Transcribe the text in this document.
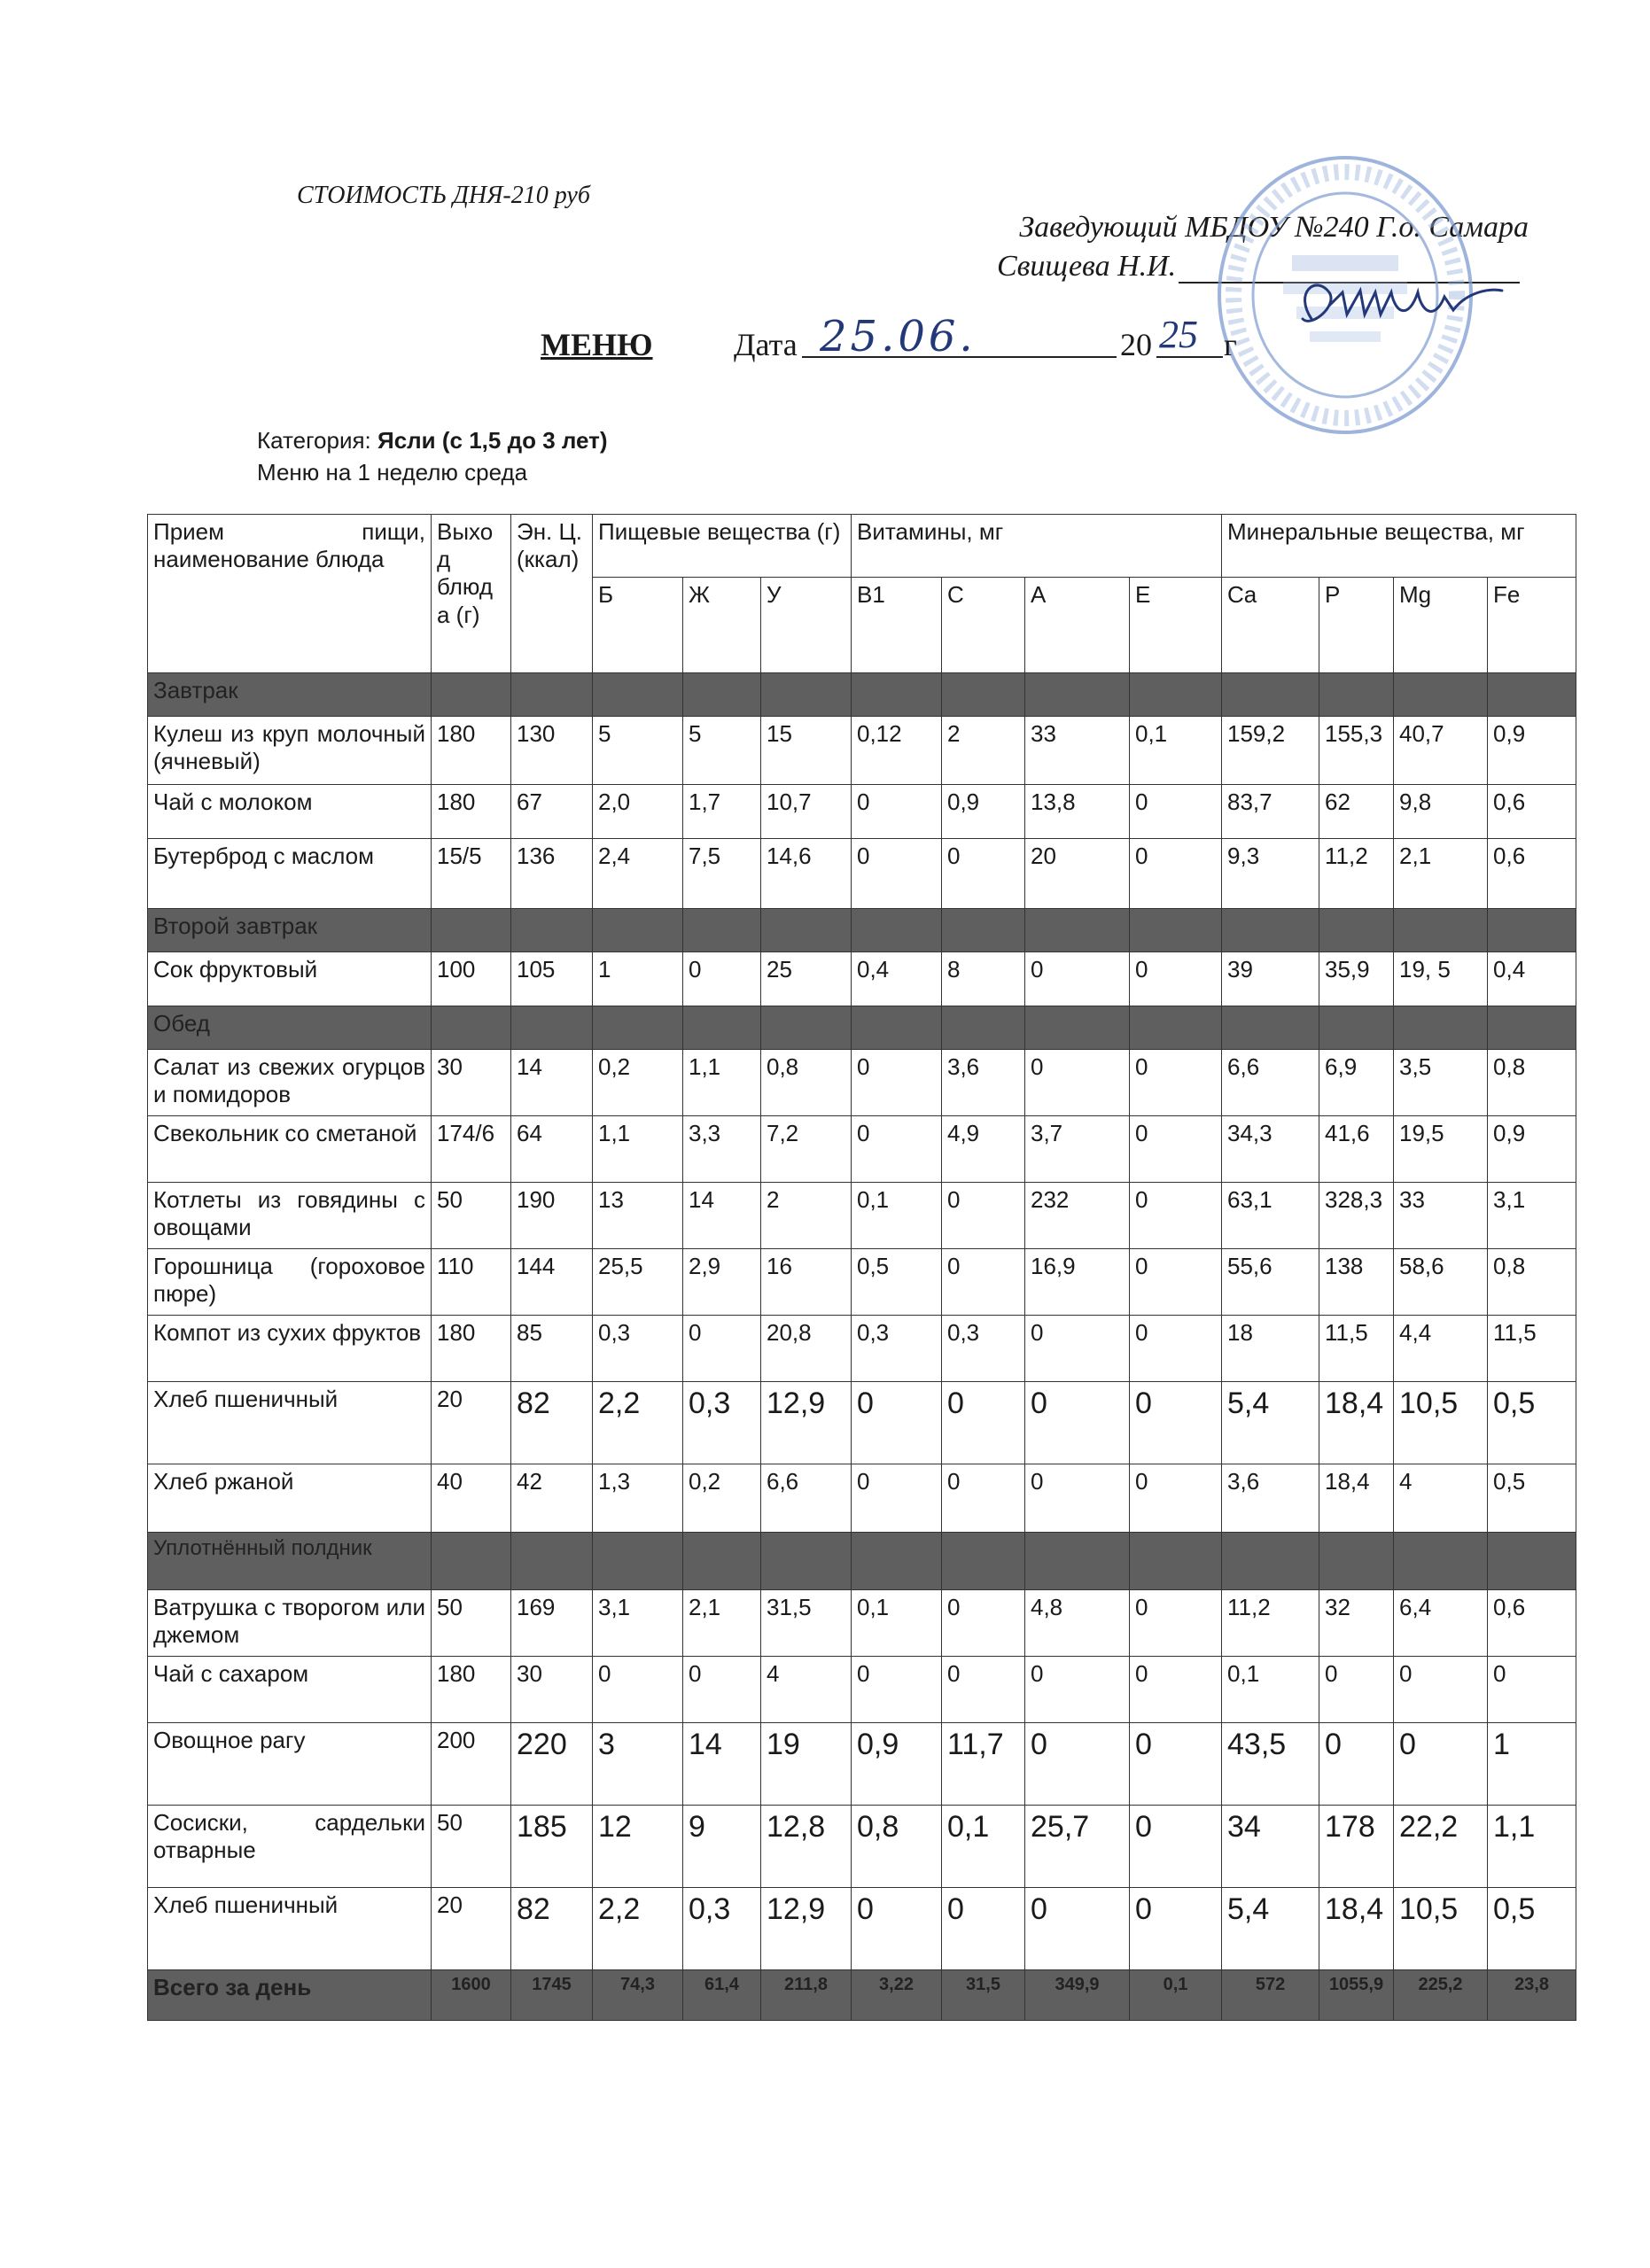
СТОИМОСТЬ ДНЯ-210 руб
Заведующий МБДОУ №240 Г.о. Самара
Свищева Н.И.
МЕНЮ	Дата 25.06.	20 25 г
Категория: Ясли (с 1,5 до 3 лет)
Меню на 1 неделю среда
Прием пищи, наименование блюда	Выход блюда (г)	Эн. Ц. (ккал)	Пищевые вещества (г)			Витамины, мг				Минеральные вещества, мг			
			Б	Ж	У	B1	C	A	E	Ca	P	Mg	Fe
Завтрак													
Кулеш из круп молочный (ячневый)	180	130	5	5	15	0,12	2	33	0,1	159,2	155,3	40,7	0,9
Чай с молоком	180	67	2,0	1,7	10,7	0	0,9	13,8	0	83,7	62	9,8	0,6
Бутерброд с маслом	15/5	136	2,4	7,5	14,6	0	0	20	0	9,3	11,2	2,1	0,6
Второй завтрак													
Сок фруктовый	100	105	1	0	25	0,4	8	0	0	39	35,9	19, 5	0,4
Обед													
Салат из свежих огурцов и помидоров	30	14	0,2	1,1	0,8	0	3,6	0	0	6,6	6,9	3,5	0,8
Свекольник со сметаной	174/6	64	1,1	3,3	7,2	0	4,9	3,7	0	34,3	41,6	19,5	0,9
Котлеты из говядины с овощами	50	190	13	14	2	0,1	0	232	0	63,1	328,3	33	3,1
Горошница (гороховое пюре)	110	144	25,5	2,9	16	0,5	0	16,9	0	55,6	138	58,6	0,8
Компот из сухих фруктов	180	85	0,3	0	20,8	0,3	0,3	0	0	18	11,5	4,4	11,5
Хлеб пшеничный	20	82	2,2	0,3	12,9	0	0	0	0	5,4	18,4	10,5	0,5
Хлеб ржаной	40	42	1,3	0,2	6,6	0	0	0	0	3,6	18,4	4	0,5
Уплотнённый полдник													
Ватрушка с творогом или джемом	50	169	3,1	2,1	31,5	0,1	0	4,8	0	11,2	32	6,4	0,6
Чай с сахаром	180	30	0	0	4	0	0	0	0	0,1	0	0	0
Овощное рагу	200	220	3	14	19	0,9	11,7	0	0	43,5	0	0	1
Сосиски, сардельки отварные	50	185	12	9	12,8	0,8	0,1	25,7	0	34	178	22,2	1,1
Хлеб пшеничный	20	82	2,2	0,3	12,9	0	0	0	0	5,4	18,4	10,5	0,5
Всего за день	1600	1745	74,3	61,4	211,8	3,22	31,5	349,9	0,1	572	1055,9	225,2	23,8
